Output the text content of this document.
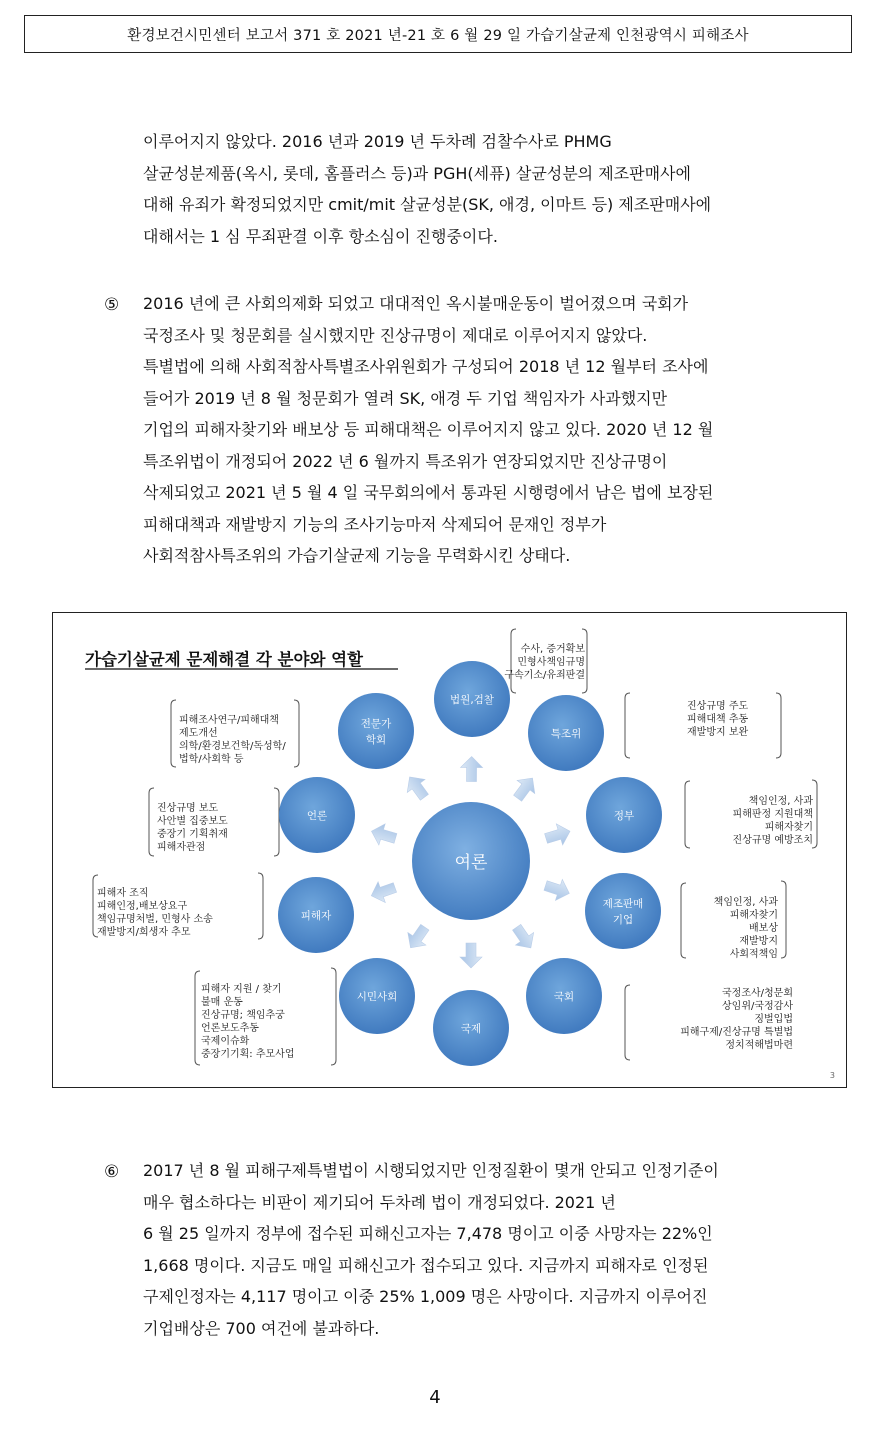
환경보건시민센터 보고서 371 호 2021 년-21 호 6 월 29 일 가습기살균제 인천광역시 피해조사
이루어지지 않았다. 2016 년과 2019 년 두차례 검찰수사로 PHMG
살균성분제품(옥시, 롯데, 홈플러스 등)과 PGH(세퓨) 살균성분의 제조판매사에
대해 유죄가 확정되었지만 cmit/mit 살균성분(SK, 애경, 이마트 등) 제조판매사에
대해서는 1 심 무죄판결 이후 항소심이 진행중이다.
⑤ 2016 년에 큰 사회의제화 되었고 대대적인 옥시불매운동이 벌어졌으며 국회가
국정조사 및 청문회를 실시했지만 진상규명이 제대로 이루어지지 않았다.
특별법에 의해 사회적참사특별조사위원회가 구성되어 2018 년 12 월부터 조사에
들어가 2019 년 8 월 청문회가 열려 SK, 애경 두 기업 책임자가 사과했지만
기업의 피해자찾기와 배보상 등 피해대책은 이루어지지 않고 있다. 2020 년 12 월
특조위법이 개정되어 2022 년 6 월까지 특조위가 연장되었지만 진상규명이
삭제되었고 2021 년 5 월 4 일 국무회의에서 통과된 시행령에서 남은 법에 보장된
피해대책과 재발방지 기능의 조사기능마저 삭제되어 문재인 정부가
사회적참사특조위의 가습기살균제 기능을 무력화시킨 상태다.
가습기살균제 문제해결 각 분야와 역할
수사, 증거확보
민형사책임규명
구속기소/유죄판결
진상규명 주도
피해대책 추동
재발방지 보완
책임인정, 사과
피해판정 지원대책
피해자찾기
진상규명 예방조치
책임인정, 사과
피해자찾기
배보상
재발방지
사회적책임
국정조사/청문회
상임위/국정감사
징벌입법
피해구제/진상규명 특별법
정치적해법마련
피해자 지원 / 찾기
불매 운동
진상규명; 책임추궁
언론보도추동
국제이슈화
중장기기획: 추모사업
피해자 조직
피해인정,배보상요구
책임규명처벌, 민형사 소송
재발방지/희생자 추모
진상규명 보도
사안별 집중보도
중장기 기획취재
피해자관점
피해조사연구/피해대책
제도개선
의학/환경보건학/독성학/
법학/사회학 등
여론
법원,검찰
특조위
정부
제조판매
기업
국회
국제
시민사회
피해자
언론
전문가
학회
3
⑥ 2017 년 8 월 피해구제특별법이 시행되었지만 인정질환이 몇개 안되고 인정기준이
매우 협소하다는 비판이 제기되어 두차례 법이 개정되었다. 2021 년
6 월 25 일까지 정부에 접수된 피해신고자는 7,478 명이고 이중 사망자는 22%인
1,668 명이다. 지금도 매일 피해신고가 접수되고 있다. 지금까지 피해자로 인정된
구제인정자는 4,117 명이고 이중 25% 1,009 명은 사망이다. 지금까지 이루어진
기업배상은 700 여건에 불과하다.
4
